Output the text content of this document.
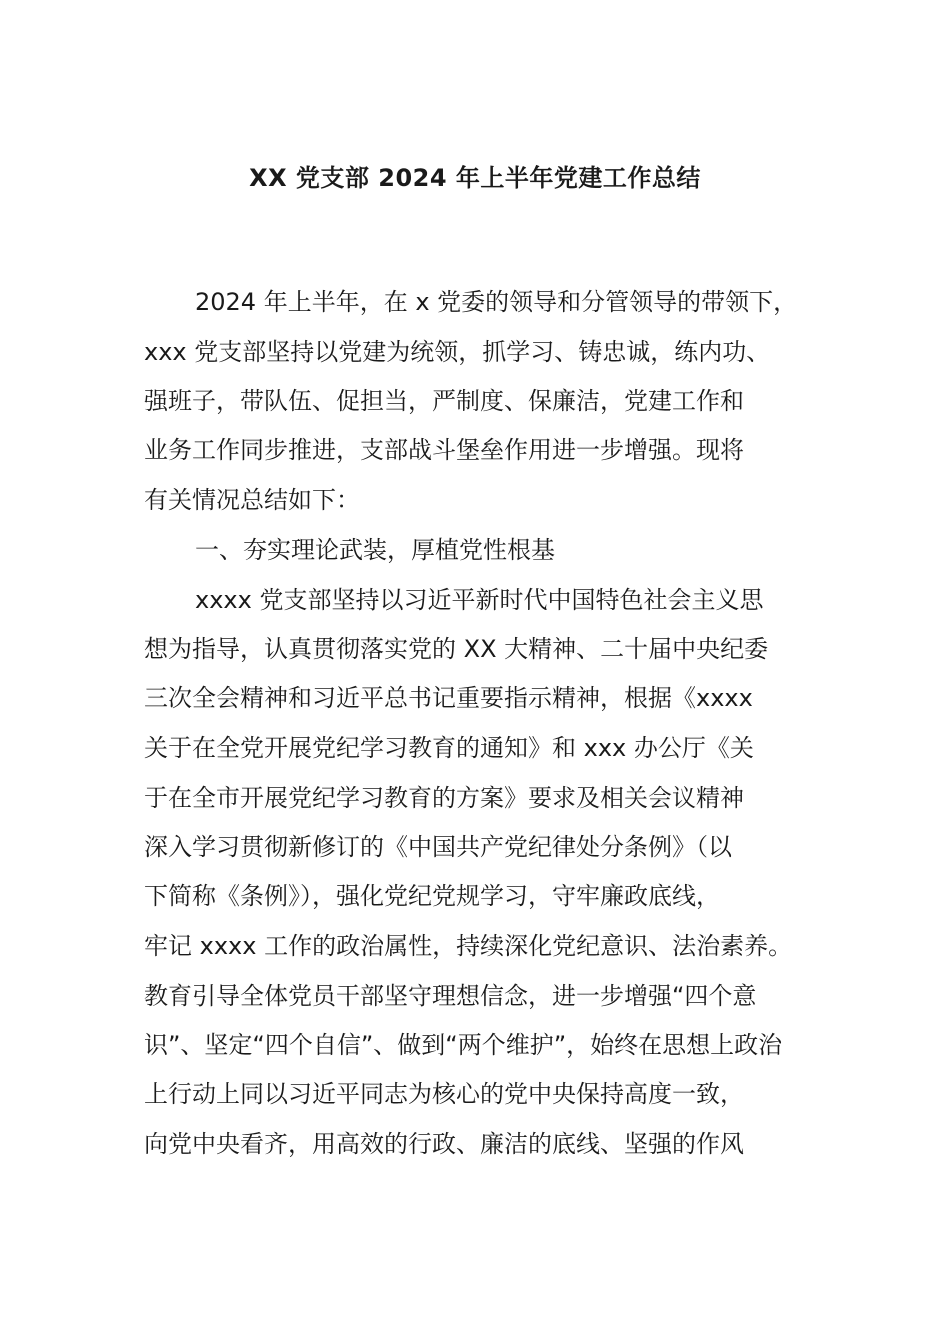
XX 党支部 2024 年上半年党建工作总结

2024 年上半年，在 x 党委的领导和分管领导的带领下，

xxx 党支部坚持以党建为统领，抓学习、铸忠诚，练内功、

强班子，带队伍、促担当，严制度、保廉洁，党建工作和

业务工作同步推进，支部战斗堡垒作用进一步增强。现将

有关情况总结如下：

一、夯实理论武装，厚植党性根基

xxxx 党支部坚持以习近平新时代中国特色社会主义思

想为指导，认真贯彻落实党的 XX 大精神、二十届中央纪委

三次全会精神和习近平总书记重要指示精神，根据《xxxx

关于在全党开展党纪学习教育的通知》和 xxx 办公厅《关

于在全市开展党纪学习教育的方案》要求及相关会议精神

深入学习贯彻新修订的《中国共产党纪律处分条例》（以

下简称《条例》），强化党纪党规学习，守牢廉政底线，

牢记 xxxx 工作的政治属性，持续深化党纪意识、法治素养。

教育引导全体党员干部坚守理想信念，进一步增强“四个意

识”、坚定“四个自信”、做到“两个维护”，始终在思想上政治

上行动上同以习近平同志为核心的党中央保持高度一致，

向党中央看齐，用高效的行政、廉洁的底线、坚强的作风
